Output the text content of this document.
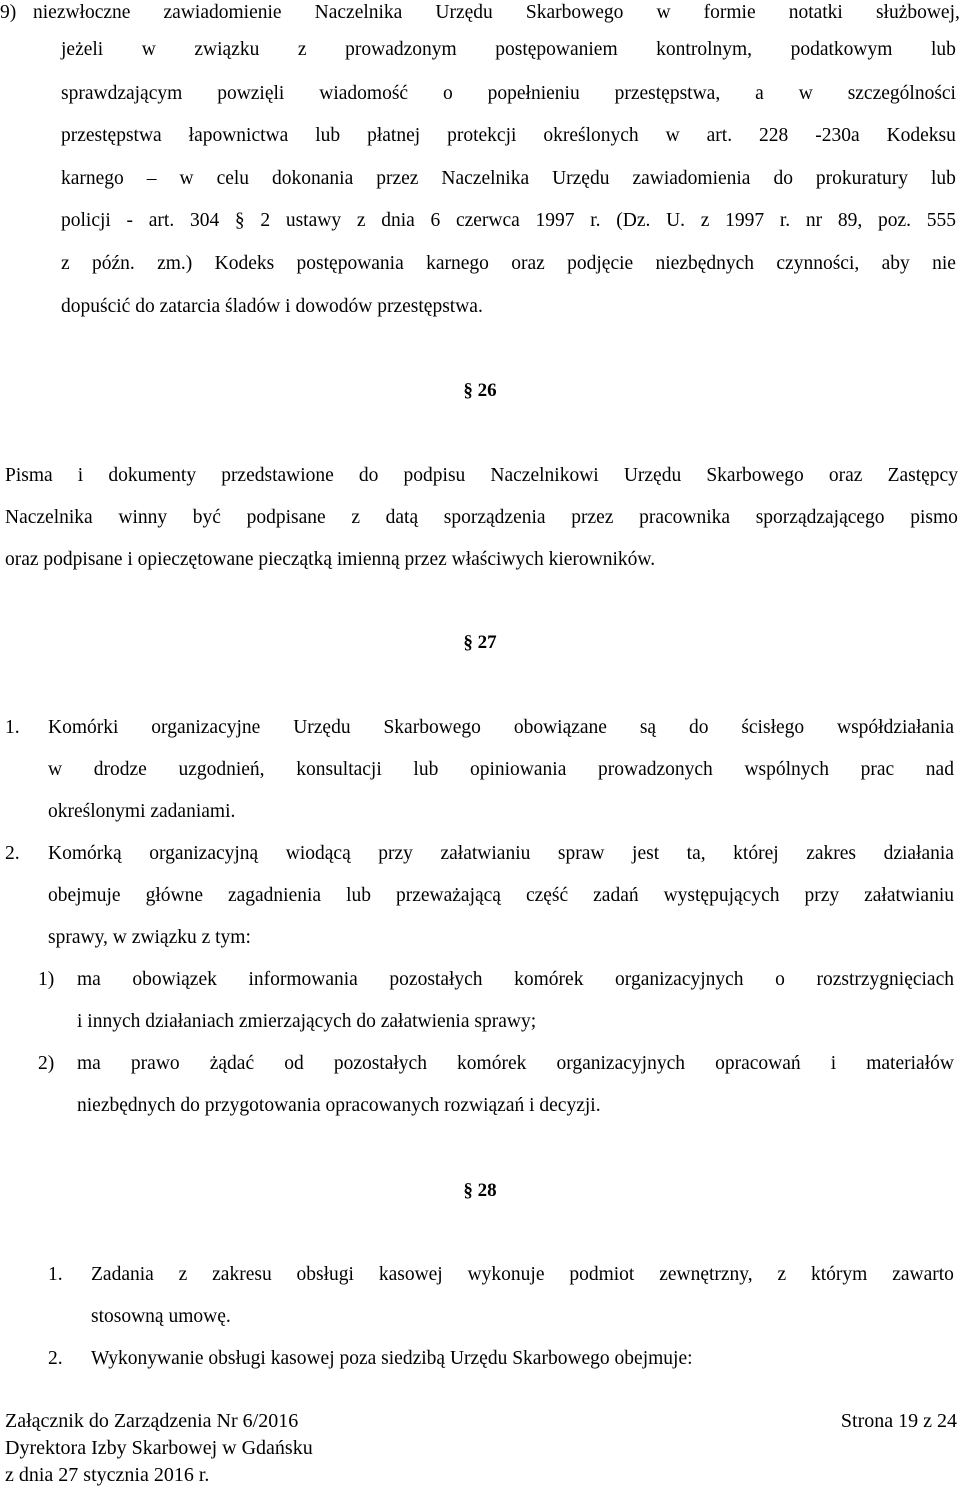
9) niezwłoczne zawiadomienie Naczelnika Urzędu Skarbowego w formie notatki służbowej,
jeżeli w związku z prowadzonym postępowaniem kontrolnym, podatkowym lub
sprawdzającym powzięli wiadomość o popełnieniu przestępstwa, a w szczególności
przestępstwa łapownictwa lub płatnej protekcji określonych w art. 228 -230a Kodeksu
karnego – w celu dokonania przez Naczelnika Urzędu zawiadomienia do prokuratury lub
policji - art. 304 § 2 ustawy z dnia 6 czerwca 1997 r. (Dz. U. z 1997 r. nr 89, poz. 555
z późn. zm.) Kodeks postępowania karnego oraz podjęcie niezbędnych czynności, aby nie
dopuścić do zatarcia śladów i dowodów przestępstwa.
§ 26
Pisma i dokumenty przedstawione do podpisu Naczelnikowi Urzędu Skarbowego oraz Zastępcy
Naczelnika winny być podpisane z datą sporządzenia przez pracownika sporządzającego pismo
oraz podpisane i opieczętowane pieczątką imienną przez właściwych kierowników.
§ 27
1. Komórki organizacyjne Urzędu Skarbowego obowiązane są do ścisłego współdziałania
w drodze uzgodnień, konsultacji lub opiniowania prowadzonych wspólnych prac nad
określonymi zadaniami.
2. Komórką organizacyjną wiodącą przy załatwianiu spraw jest ta, której zakres działania
obejmuje główne zagadnienia lub przeważającą część zadań występujących przy załatwianiu
sprawy, w związku z tym:
1) ma obowiązek informowania pozostałych komórek organizacyjnych o rozstrzygnięciach
i innych działaniach zmierzających do załatwienia sprawy;
2) ma prawo żądać od pozostałych komórek organizacyjnych opracowań i materiałów
niezbędnych do przygotowania opracowanych rozwiązań i decyzji.
§ 28
1. Zadania z zakresu obsługi kasowej wykonuje podmiot zewnętrzny, z którym zawarto
stosowną umowę.
2. Wykonywanie obsługi kasowej poza siedzibą Urzędu Skarbowego obejmuje:
Załącznik do Zarządzenia Nr 6/2016	Strona 19 z 24
Dyrektora Izby Skarbowej w Gdańsku
z dnia 27 stycznia 2016 r.
